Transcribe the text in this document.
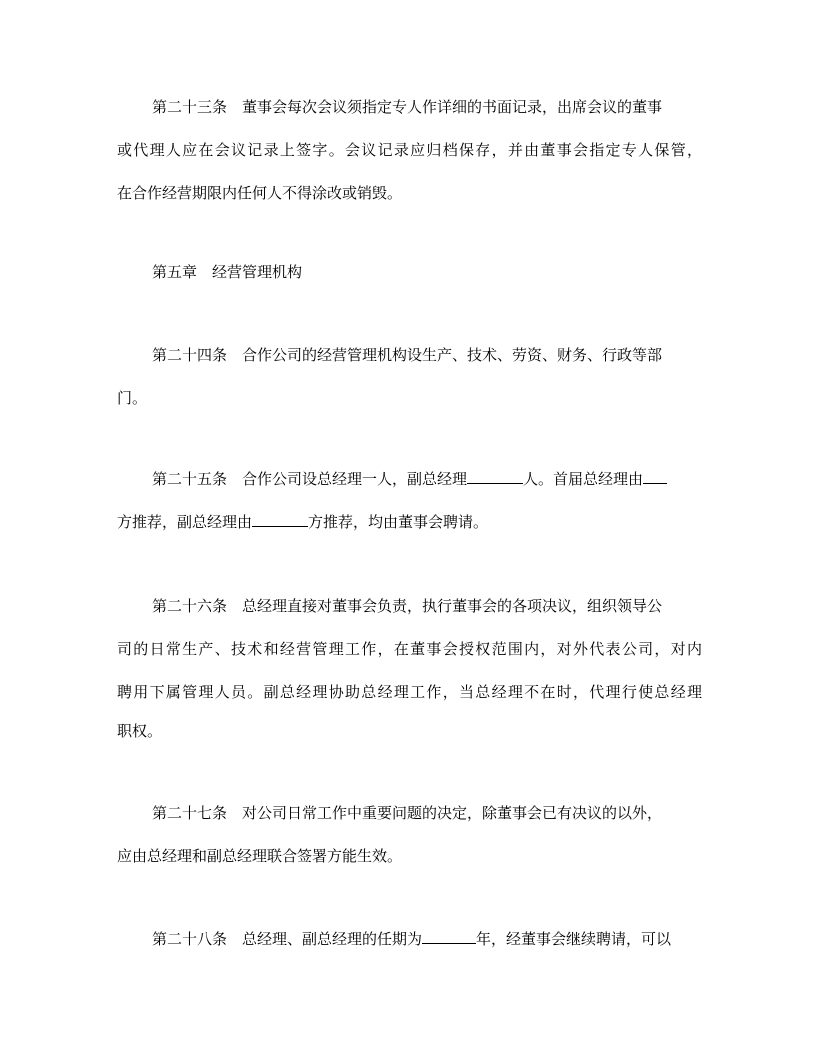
第二十三条 董事会每次会议须指定专人作详细的书面记录，出席会议的董事
或代理人应在会议记录上签字。会议记录应归档保存，并由董事会指定专人保管，
在合作经营期限内任何人不得涂改或销毁。
第五章 经营管理机构
第二十四条 合作公司的经营管理机构设生产、技术、劳资、财务、行政等部
门。
第二十五条 合作公司设总经理一人，副总经理	人。首届总经理由
方推荐，副总经理由	方推荐，均由董事会聘请。
第二十六条 总经理直接对董事会负责，执行董事会的各项决议，组织领导公
司的日常生产、技术和经营管理工作，在董事会授权范围内，对外代表公司，对内
聘用下属管理人员。副总经理协助总经理工作，当总经理不在时，代理行使总经理
职权。
第二十七条 对公司日常工作中重要问题的决定，除董事会已有决议的以外，
应由总经理和副总经理联合签署方能生效。
第二十八条 总经理、副总经理的任期为	年，经董事会继续聘请，可以
